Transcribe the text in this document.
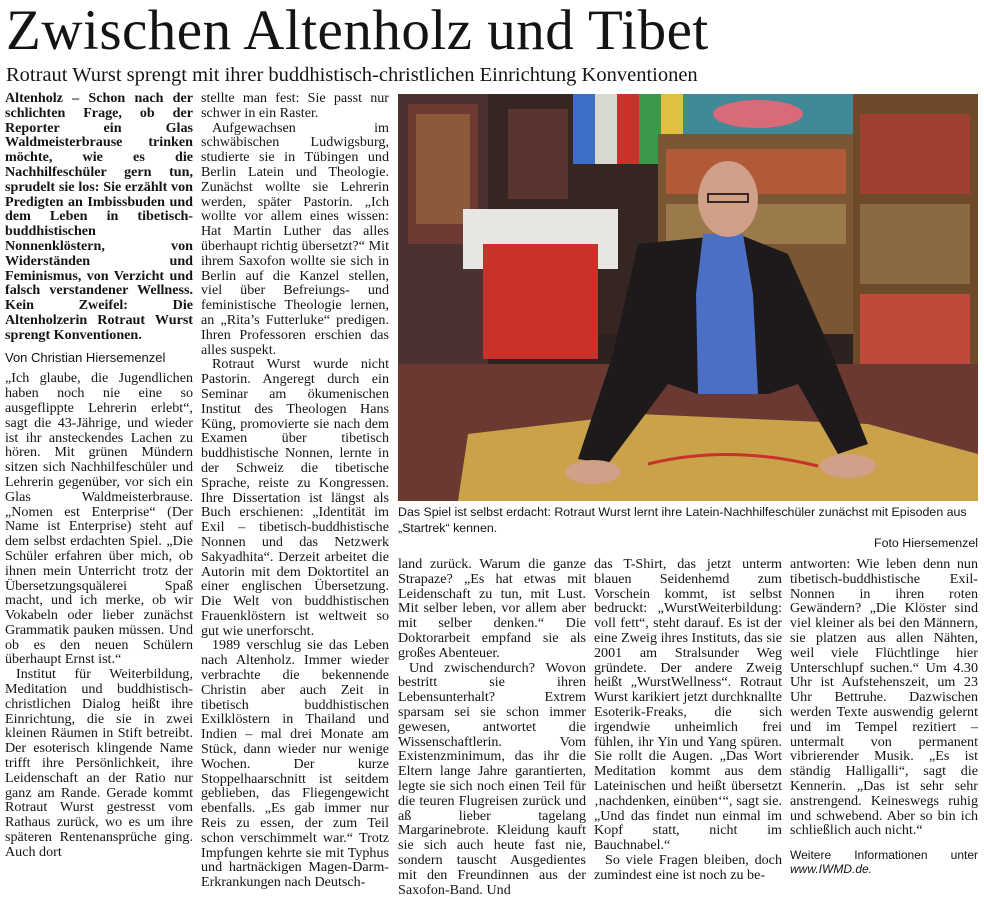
Zwischen Altenholz und Tibet
Rotraut Wurst sprengt mit ihrer buddhistisch-christlichen Einrichtung Konventionen

Altenholz – Schon nach der schlichten Frage, ob der Reporter ein Glas Waldmeisterbrause trinken möchte, wie es die Nachhilfeschüler gern tun, sprudelt sie los: Sie erzählt von Predigten an Imbissbuden und dem Leben in tibetisch-buddhistischen Nonnenklöstern, von Widerständen und Feminismus, von Verzicht und falsch verstandener Wellness. Kein Zweifel: Die Altenholzerin Rotraut Wurst sprengt Konventionen.

Von Christian Hiersemenzel

„Ich glaube, die Jugendlichen haben noch nie eine so ausgeflippte Lehrerin erlebt“, sagt die 43-Jährige, und wieder ist ihr ansteckendes Lachen zu hören. Mit grünen Mündern sitzen sich Nachhilfeschüler und Lehrerin gegenüber, vor sich ein Glas Waldmeisterbrause. „Nomen est Enterprise“ (Der Name ist Enterprise) steht auf dem selbst erdachten Spiel. „Die Schüler erfahren über mich, ob ihnen mein Unterricht trotz der Übersetzungsquälerei Spaß macht, und ich merke, ob wir Vokabeln oder lieber zunächst Grammatik pauken müssen. Und ob es den neuen Schülern überhaupt Ernst ist.“

Institut für Weiterbildung, Meditation und buddhistisch-christlichen Dialog heißt ihre Einrichtung, die sie in zwei kleinen Räumen in Stift betreibt. Der esoterisch klingende Name trifft ihre Persönlichkeit, ihre Leidenschaft an der Ratio nur ganz am Rande. Gerade kommt Rotraut Wurst gestresst vom Rathaus zurück, wo es um ihre späteren Rentenansprüche ging. Auch dort

stellte man fest: Sie passt nur schwer in ein Raster.

Aufgewachsen im schwäbischen Ludwigsburg, studierte sie in Tübingen und Berlin Latein und Theologie. Zunächst wollte sie Lehrerin werden, später Pastorin. „Ich wollte vor allem eines wissen: Hat Martin Luther das alles überhaupt richtig übersetzt?“ Mit ihrem Saxofon wollte sie sich in Berlin auf die Kanzel stellen, viel über Befreiungs- und feministische Theologie lernen, an „Rita’s Futterluke“ predigen. Ihren Professoren erschien das alles suspekt.

Rotraut Wurst wurde nicht Pastorin. Angeregt durch ein Seminar am ökumenischen Institut des Theologen Hans Küng, promovierte sie nach dem Examen über tibetisch buddhistische Nonnen, lernte in der Schweiz die tibetische Sprache, reiste zu Kongressen. Ihre Dissertation ist längst als Buch erschienen: „Identität im Exil – tibetisch-buddhistische Nonnen und das Netzwerk Sakyadhita“. Derzeit arbeitet die Autorin mit dem Doktortitel an einer englischen Übersetzung. Die Welt von buddhistischen Frauenklöstern ist weltweit so gut wie unerforscht.

1989 verschlug sie das Leben nach Altenholz. Immer wieder verbrachte die bekennende Christin aber auch Zeit in tibetisch buddhistischen Exilklöstern in Thailand und Indien – mal drei Monate am Stück, dann wieder nur wenige Wochen. Der kurze Stoppelhaarschnitt ist seitdem geblieben, das Fliegengewicht ebenfalls. „Es gab immer nur Reis zu essen, der zum Teil schon verschimmelt war.“ Trotz Impfungen kehrte sie mit Typhus und hartnäckigen Magen-Darm-Erkrankungen nach Deutsch-

Das Spiel ist selbst erdacht: Rotraut Wurst lernt ihre Latein-Nachhilfeschüler zunächst mit Episoden aus „Startrek“ kennen.
Foto Hiersemenzel

land zurück. Warum die ganze Strapaze? „Es hat etwas mit Leidenschaft zu tun, mit Lust. Mit selber leben, vor allem aber mit selber denken.“ Die Doktorarbeit empfand sie als großes Abenteuer.

Und zwischendurch? Wovon bestritt sie ihren Lebensunterhalt? Extrem sparsam sei sie schon immer gewesen, antwortet die Wissenschaftlerin. Vom Existenzminimum, das ihr die Eltern lange Jahre garantierten, legte sie sich noch einen Teil für die teuren Flugreisen zurück und aß lieber tagelang Margarinebrote. Kleidung kauft sie sich auch heute fast nie, sondern tauscht Ausgedientes mit den Freundinnen aus der Saxofon-Band. Und

das T-Shirt, das jetzt unterm blauen Seidenhemd zum Vorschein kommt, ist selbst bedruckt: „WurstWeiterbildung: voll fett“, steht darauf. Es ist der eine Zweig ihres Instituts, das sie 2001 am Stralsunder Weg gründete. Der andere Zweig heißt „WurstWellness“. Rotraut Wurst karikiert jetzt durchknallte Esoterik-Freaks, die sich irgendwie unheimlich frei fühlen, ihr Yin und Yang spüren. Sie rollt die Augen. „Das Wort Meditation kommt aus dem Lateinischen und heißt übersetzt ‚nachdenken, einüben‘“, sagt sie. „Und das findet nun einmal im Kopf statt, nicht im Bauchnabel.“

So viele Fragen bleiben, doch zumindest eine ist noch zu be-

antworten: Wie leben denn nun tibetisch-buddhistische Exil-Nonnen in ihren roten Gewändern? „Die Klöster sind viel kleiner als bei den Männern, sie platzen aus allen Nähten, weil viele Flüchtlinge hier Unterschlupf suchen.“ Um 4.30 Uhr ist Aufstehenszeit, um 23 Uhr Bettruhe. Dazwischen werden Texte auswendig gelernt und im Tempel rezitiert – untermalt von permanent vibrierender Musik. „Es ist ständig Halligalli“, sagt die Kennerin. „Das ist sehr sehr anstrengend. Keineswegs ruhig und schwebend. Aber so bin ich schließlich auch nicht.“

Weitere Informationen unter www.IWMD.de.
